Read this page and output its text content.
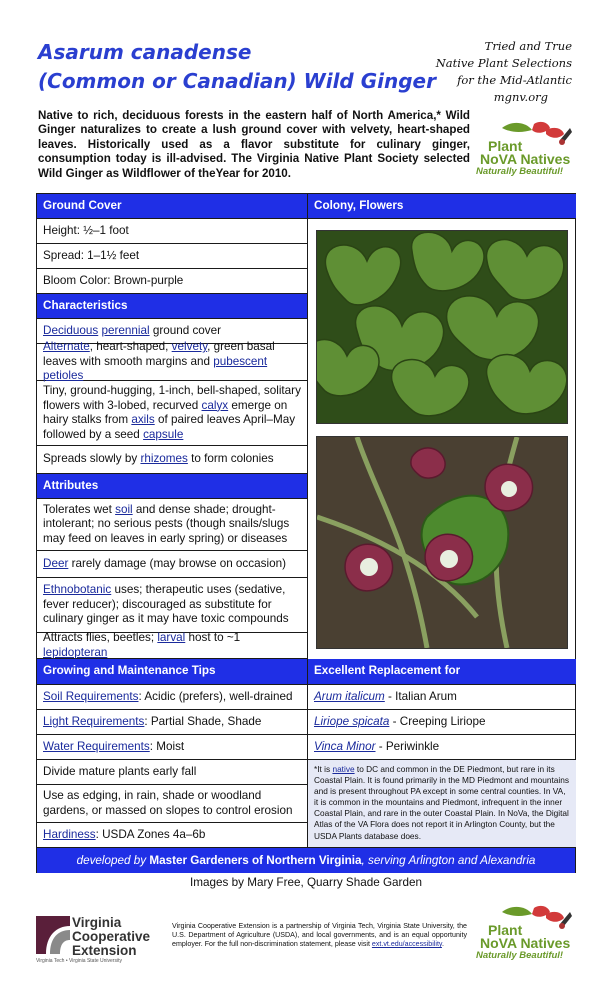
Asarum canadense
(Common or Canadian) Wild Ginger
Tried and True
Native Plant Selections
for the Mid-Atlantic
mgnv.org
Native to rich, deciduous forests in the eastern half of North America,* Wild Ginger naturalizes to create a lush ground cover with velvety, heart-shaped leaves. Historically used as a flavor substitute for culinary ginger, consumption today is ill-advised. The Virginia Native Plant Society selected Wild Ginger as Wildflower of theYear for 2010.
Plant
NoVA Natives
Naturally Beautiful!
Ground Cover
Height: ½–1 foot
Spread: 1–1½ feet
Bloom Color: Brown-purple
Characteristics
Deciduous perennial ground cover
Alternate, heart-shaped, velvety, green basal leaves with smooth margins and pubescent petioles
Tiny, ground-hugging, 1-inch, bell-shaped, solitary flowers with 3-lobed, recurved calyx emerge on hairy stalks from axils of paired leaves April–May followed by a seed capsule
Spreads slowly by rhizomes to form colonies
Attributes
Tolerates wet soil and dense shade; drought-intolerant; no serious pests (though snails/slugs may feed on leaves in early spring) or diseases
Deer rarely damage (may browse on occasion)
Ethnobotanic uses; therapeutic uses (sedative, fever reducer); discouraged as substitute for culinary ginger as it may have toxic compounds
Attracts flies, beetles; larval host to ~1 lepidopteran
Growing and Maintenance Tips
Soil Requirements: Acidic (prefers), well-drained
Light Requirements: Partial Shade, Shade
Water Requirements: Moist
Divide mature plants early fall
Use as edging, in rain, shade or woodland gardens, or massed on slopes to control erosion
Hardiness: USDA Zones 4a–6b
Colony, Flowers
Excellent Replacement for
Arum italicum - Italian Arum
Liriope spicata - Creeping Liriope
Vinca Minor - Periwinkle
*It is native to DC and common in the DE Piedmont, but rare in its Coastal Plain. It is found primarily in the MD Piedmont and mountains and is present throughout PA except in some central counties. In VA, it is common in the mountains and Piedmont, infrequent in the inner Coastal Plain, and rare in the outer Coastal Plain. In NoVa, the Digital Atlas of the VA Flora does not report it in Arlington County, but the USDA Plants database does.
developed by Master Gardeners of Northern Virginia, serving Arlington and Alexandria
Images by Mary Free, Quarry Shade Garden
Virginia
Cooperative
Extension
Virginia Tech • Virginia State University
Virginia Cooperative Extension is a partnership of Virginia Tech, Virginia State University, the U.S. Department of Agriculture (USDA), and local governments, and is an equal opportunity employer. For the full non-discrimination statement, please visit ext.vt.edu/accessibility.
Plant
NoVA Natives
Naturally Beautiful!
